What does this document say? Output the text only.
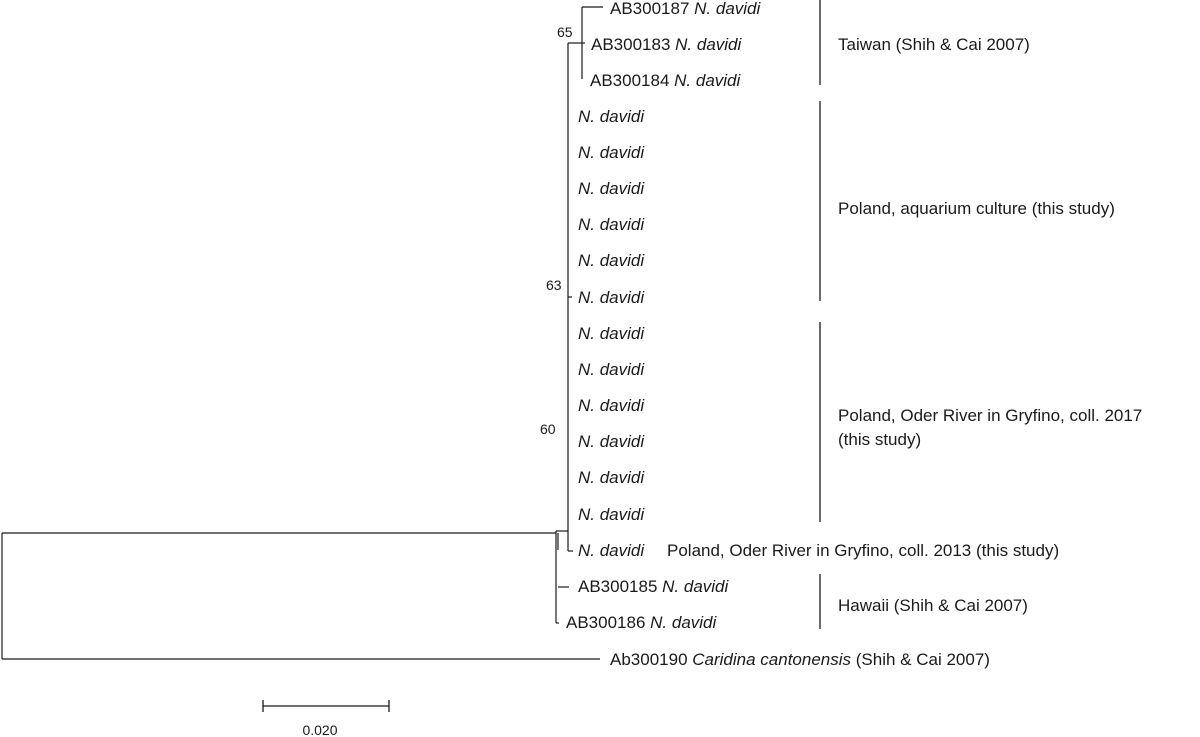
65
63
60
AB300187 N. davidi
AB300183 N. davidi
AB300184 N. davidi
N. davidi
N. davidi
N. davidi
N. davidi
N. davidi
N. davidi
N. davidi
N. davidi
N. davidi
N. davidi
N. davidi
N. davidi
N. davidi Poland, Oder River in Gryfino, coll. 2013 (this study)
AB300185 N. davidi
AB300186 N. davidi
Ab300190 Caridina cantonensis (Shih & Cai 2007)
Taiwan (Shih & Cai 2007)
Poland, aquarium culture (this study)
Poland, Oder River in Gryfino, coll. 2017
(this study)
Hawaii (Shih & Cai 2007)
0.020
